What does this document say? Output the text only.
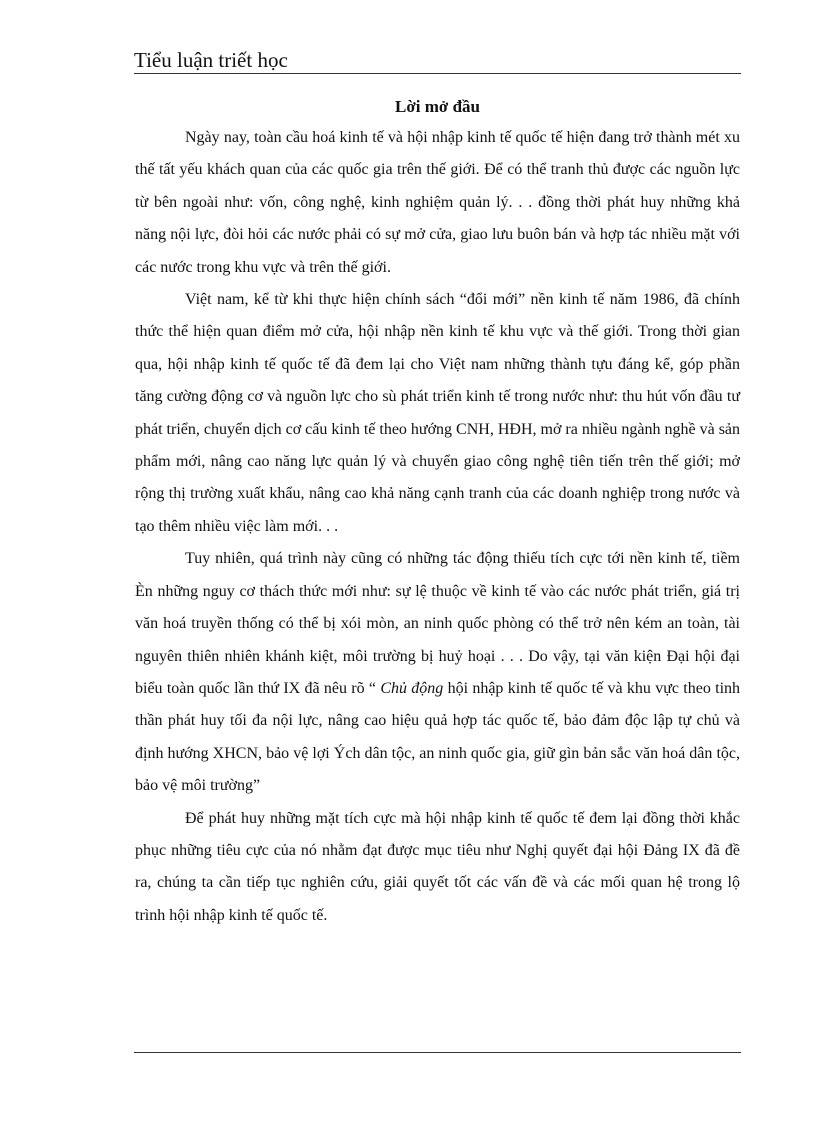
Tiểu luận triết học
Lời mở đầu

Ngày nay, toàn cầu hoá kinh tế và hội nhập kinh tế quốc tế hiện đang trở thành mét xu thế tất yếu khách quan của các quốc gia trên thế giới. Để có thể tranh thủ được các nguồn lực từ bên ngoài như: vốn, công nghệ, kinh nghiệm quản lý. . . đồng thời phát huy những khả năng nội lực, đòi hỏi các nước phải có sự mở cửa, giao lưu buôn bán và hợp tác nhiều mặt với các nước trong khu vực và trên thế giới.

Việt nam, kể từ khi thực hiện chính sách “đổi mới” nền kinh tế năm 1986, đã chính thức thể hiện quan điểm mở cửa, hội nhập nền kinh tế khu vực và thế giới. Trong thời gian qua, hội nhập kinh tế quốc tế đã đem lại cho Việt nam những thành tựu đáng kể, góp phần tăng cường động cơ và nguồn lực cho sù phát triển kinh tế trong nước như: thu hút vốn đầu tư phát triển, chuyển dịch cơ cấu kinh tế theo hướng CNH, HĐH, mở ra nhiều ngành nghề và sản phẩm mới, nâng cao năng lực quản lý và chuyển giao công nghệ tiên tiến trên thế giới; mở rộng thị trường xuất khẩu, nâng cao khả năng cạnh tranh của các doanh nghiệp trong nước và tạo thêm nhiều việc làm mới. . .

Tuy nhiên, quá trình này cũng có những tác động thiếu tích cực tới nền kinh tế, tiềm Èn những nguy cơ thách thức mới như: sự lệ thuộc về kinh tế vào các nước phát triển, giá trị văn hoá truyền thống có thể bị xói mòn, an ninh quốc phòng có thể trở nên kém an toàn, tài nguyên thiên nhiên khánh kiệt, môi trường bị huỷ hoại . . . Do vậy, tại văn kiện Đại hội đại biểu toàn quốc lần thứ IX đã nêu rõ “ Chủ động hội nhập kinh tế quốc tế và khu vực theo tinh thần phát huy tối đa nội lực, nâng cao hiệu quả hợp tác quốc tế, bảo đảm độc lập tự chủ và định hướng XHCN, bảo vệ lợi Ých dân tộc, an ninh quốc gia, giữ gìn bản sắc văn hoá dân tộc, bảo vệ môi trường”

Để phát huy những mặt tích cực mà hội nhập kinh tế quốc tế đem lại đồng thời khắc phục những tiêu cực của nó nhằm đạt được mục tiêu như Nghị quyết đại hội Đảng IX đã đề ra, chúng ta cần tiếp tục nghiên cứu, giải quyết tốt các vấn đề và các mối quan hệ trong lộ trình hội nhập kinh tế quốc tế.
